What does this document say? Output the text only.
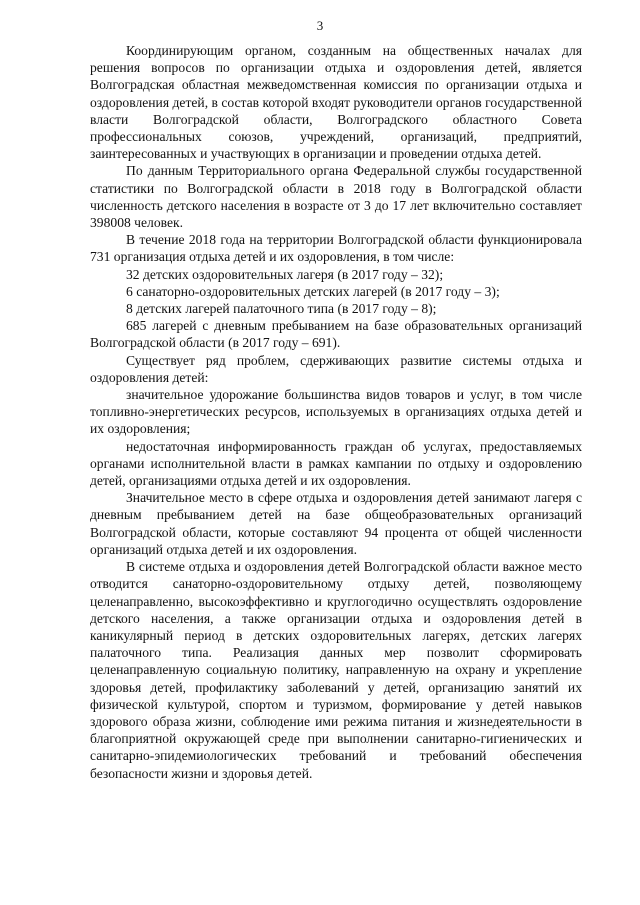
3

Координирующим органом, созданным на общественных началах для решения вопросов по организации отдыха и оздоровления детей, является Волгоградская областная межведомственная комиссия по организации отдыха и оздоровления детей, в состав которой входят руководители органов государственной власти Волгоградской области, Волгоградского областного Совета профессиональных союзов, учреждений, организаций, предприятий, заинтересованных и участвующих в организации и проведении отдыха детей.

По данным Территориального органа Федеральной службы государственной статистики по Волгоградской области в 2018 году в Волгоградской области численность детского населения в возрасте от 3 до 17 лет включительно составляет 398008 человек.

В течение 2018 года на территории Волгоградской области функционировала 731 организация отдыха детей и их оздоровления, в том числе:

32 детских оздоровительных лагеря (в 2017 году – 32);

6 санаторно-оздоровительных детских лагерей (в 2017 году – 3);

8 детских лагерей палаточного типа (в 2017 году – 8);

685 лагерей с дневным пребыванием на базе образовательных организаций Волгоградской области (в 2017 году – 691).

Существует ряд проблем, сдерживающих развитие системы отдыха и оздоровления детей:

значительное удорожание большинства видов товаров и услуг, в том числе топливно-энергетических ресурсов, используемых в организациях отдыха детей и их оздоровления;

недостаточная информированность граждан об услугах, предоставляемых органами исполнительной власти в рамках кампании по отдыху и оздоровлению детей, организациями отдыха детей и их оздоровления.

Значительное место в сфере отдыха и оздоровления детей занимают лагеря с дневным пребыванием детей на базе общеобразовательных организаций Волгоградской области, которые составляют 94 процента от общей численности организаций отдыха детей и их оздоровления.

В системе отдыха и оздоровления детей Волгоградской области важное место отводится санаторно-оздоровительному отдыху детей, позволяющему целенаправленно, высокоэффективно и круглогодично осуществлять оздоровление детского населения, а также организации отдыха и оздоровления детей в каникулярный период в детских оздоровительных лагерях, детских лагерях палаточного типа. Реализация данных мер позволит сформировать целенаправленную социальную политику, направленную на охрану и укрепление здоровья детей, профилактику заболеваний у детей, организацию занятий их физической культурой, спортом и туризмом, формирование у детей навыков здорового образа жизни, соблюдение ими режима питания и жизнедеятельности в благоприятной окружающей среде при выполнении санитарно-гигиенических и санитарно-эпидемиологических требований и требований обеспечения безопасности жизни и здоровья детей.
